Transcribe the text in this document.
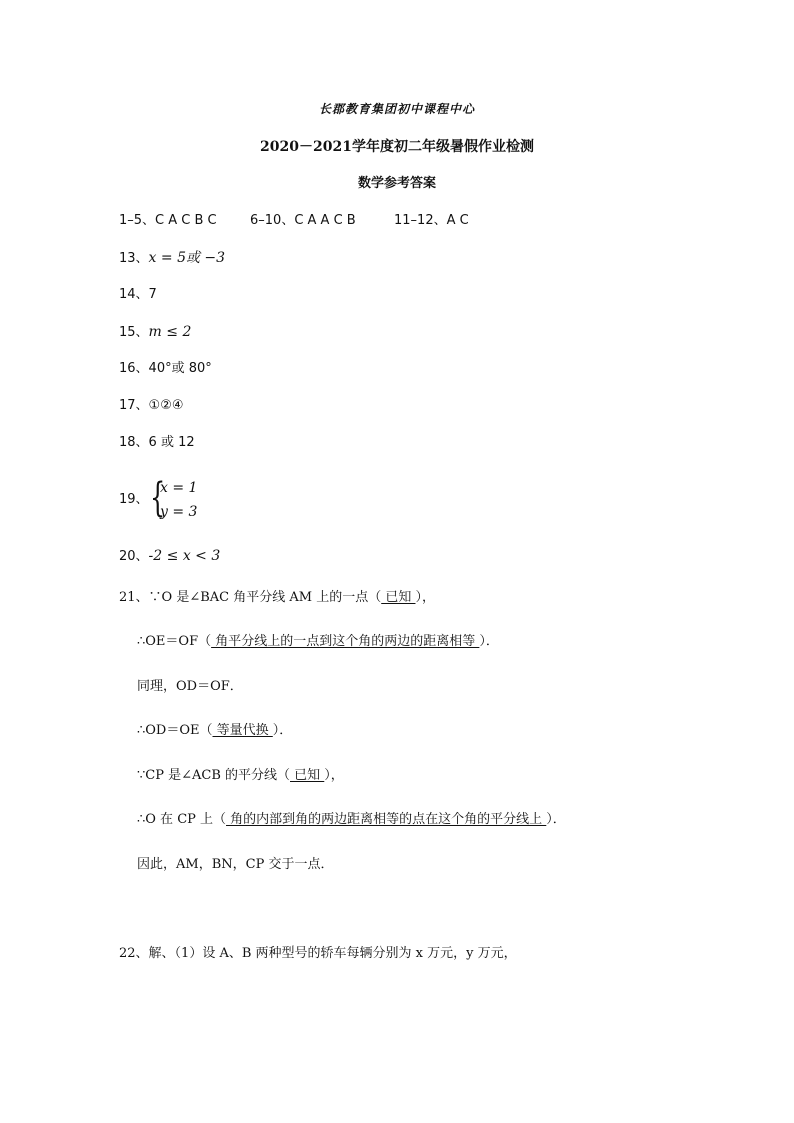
长郡教育集团初中课程中心
2020－2021学年度初二年级暑假作业检测
数学参考答案
1–5、C A C B C	6–10、C A A C B	11–12、A C
13、x = 5或 −3
14、7
15、m ≤ 2
16、40°或 80°
17、①②④
18、6 或 12
19、 {
x = 1
y = 3
20、-2 ≤ x < 3
21、∵O 是∠BAC 角平分线 AM 上的一点（ 已知 ），
∴OE＝OF（ 角平分线上的一点到这个角的两边的距离相等 ）．
同理，OD＝OF．
∴OD＝OE（ 等量代换 ）．
∵CP 是∠ACB 的平分线（ 已知 ），
∴O 在 CP 上（ 角的内部到角的两边距离相等的点在这个角的平分线上 ）．
因此，AM，BN，CP 交于一点．
22、解、（1）设 A、B 两种型号的轿车每辆分别为 x 万元，y 万元，
